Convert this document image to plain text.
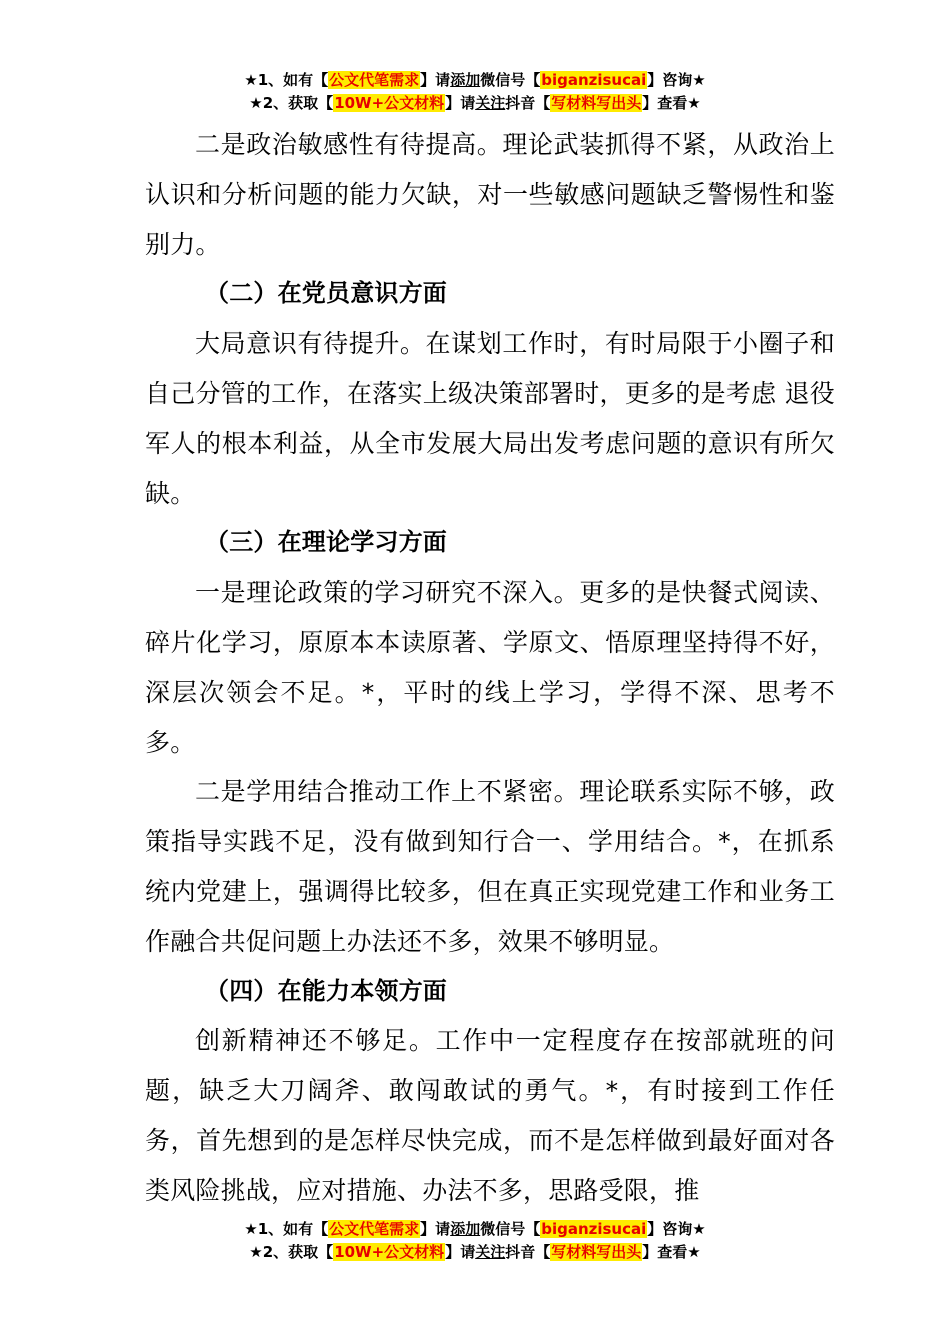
★1、如有【公文代笔需求】请添加微信号【biganzisucai】咨询★
★2、获取【10W+公文材料】请关注抖音【写材料写出头】查看★

二是政治敏感性有待提高。理论武装抓得不紧，从政治上认识和分析问题的能力欠缺，对一些敏感问题缺乏警惕性和鉴别力。

（二）在党员意识方面

大局意识有待提升。在谋划工作时，有时局限于小圈子和自己分管的工作，在落实上级决策部署时，更多的是考虑 退役军人的根本利益，从全市发展大局出发考虑问题的意识有所欠缺。

（三）在理论学习方面

一是理论政策的学习研究不深入。更多的是快餐式阅读、碎片化学习，原原本本读原著、学原文、悟原理坚持得不好，深层次领会不足。*，平时的线上学习，学得不深、思考不多。

二是学用结合推动工作上不紧密。理论联系实际不够，政策指导实践不足，没有做到知行合一、学用结合。*，在抓系统内党建上，强调得比较多，但在真正实现党建工作和业务工作融合共促问题上办法还不多，效果不够明显。

（四）在能力本领方面

创新精神还不够足。工作中一定程度存在按部就班的问题，缺乏大刀阔斧、敢闯敢试的勇气。*，有时接到工作任务，首先想到的是怎样尽快完成，而不是怎样做到最好面对各类风险挑战，应对措施、办法不多，思路受限，推

★1、如有【公文代笔需求】请添加微信号【biganzisucai】咨询★
★2、获取【10W+公文材料】请关注抖音【写材料写出头】查看★
